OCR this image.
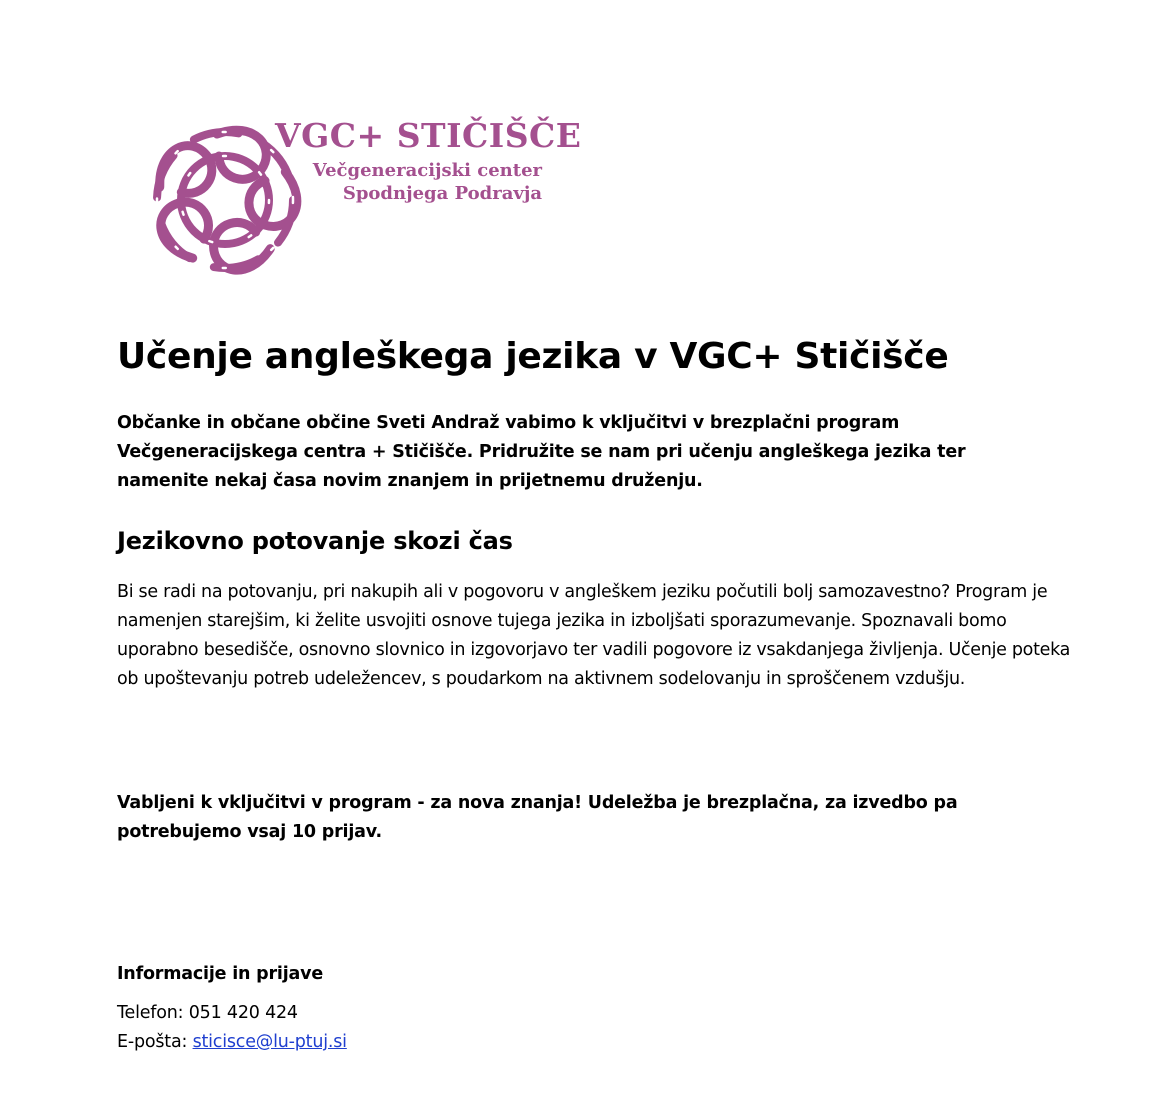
VGC+ STIČIŠČE
Večgeneracijski center
Spodnjega Podravja
Učenje angleškega jezika v VGC+ Stičišče

Občanke in občane občine Sveti Andraž vabimo k vključitvi v brezplačni program Večgeneracijskega centra + Stičišče. Pridružite se nam pri učenju angleškega jezika ter namenite nekaj časa novim znanjem in prijetnemu druženju.

Jezikovno potovanje skozi čas

Bi se radi na potovanju, pri nakupih ali v pogovoru v angleškem jeziku počutili bolj samozavestno? Program je namenjen starejšim, ki želite usvojiti osnove tujega jezika in izboljšati sporazumevanje. Spoznavali bomo uporabno besedišče, osnovno slovnico in izgovorjavo ter vadili pogovore iz vsakdanjega življenja. Učenje poteka ob upoštevanju potreb udeležencev, s poudarkom na aktivnem sodelovanju in sproščenem vzdušju.

Vabljeni k vključitvi v program - za nova znanja! Udeležba je brezplačna, za izvedbo pa potrebujemo vsaj 10 prijav.

Informacije in prijave

Telefon: 051 420 424

E-pošta: sticisce@lu-ptuj.si
